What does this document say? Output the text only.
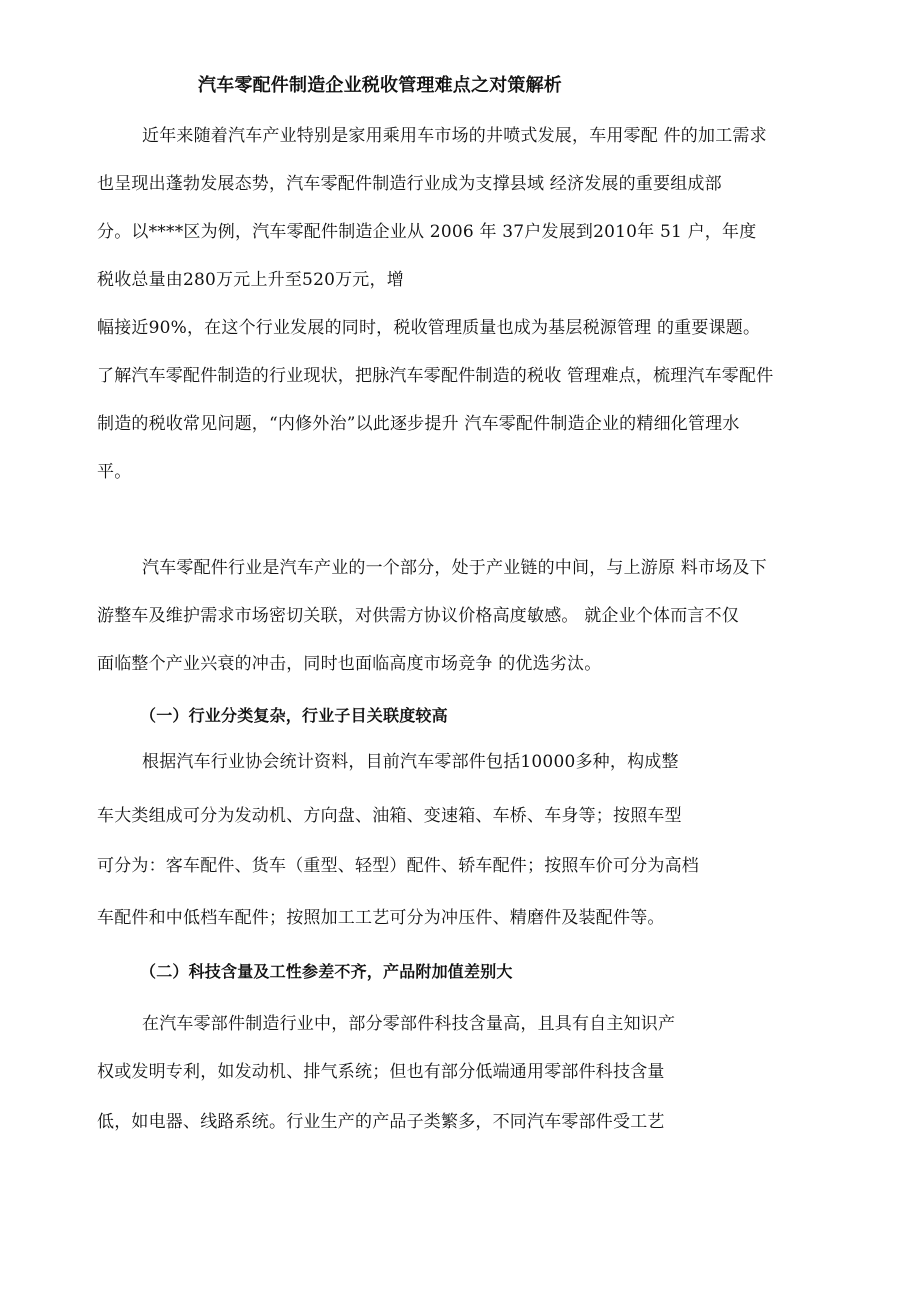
汽车零配件制造企业税收管理难点之对策解析
近年来随着汽车产业特别是家用乘用车市场的井喷式发展，车用零配 件的加工需求
也呈现出蓬勃发展态势，汽车零配件制造行业成为支撑县域 经济发展的重要组成部
分。以****区为例，汽车零配件制造企业从 2006 年 37户发展到2010年 51 户，年度
税收总量由280万元上升至520万元，增
幅接近90%，在这个行业发展的同时，税收管理质量也成为基层税源管理 的重要课题。
了解汽车零配件制造的行业现状，把脉汽车零配件制造的税收 管理难点，梳理汽车零配件
制造的税收常见问题，“内修外治”以此逐步提升 汽车零配件制造企业的精细化管理水
平。
汽车零配件行业是汽车产业的一个部分，处于产业链的中间，与上游原 料市场及下
游整车及维护需求市场密切关联，对供需方协议价格高度敏感。 就企业个体而言不仅
面临整个产业兴衰的冲击，同时也面临高度市场竞争 的优选劣汰。
（一）行业分类复杂，行业子目关联度较高
根据汽车行业协会统计资料，目前汽车零部件包括10000多种，构成整
车大类组成可分为发动机、方向盘、油箱、变速箱、车桥、车身等；按照车型
可分为：客车配件、货车（重型、轻型）配件、轿车配件；按照车价可分为高档
车配件和中低档车配件；按照加工工艺可分为冲压件、精磨件及装配件等。
（二）科技含量及工性参差不齐，产品附加值差别大
在汽车零部件制造行业中，部分零部件科技含量高，且具有自主知识产
权或发明专利，如发动机、排气系统；但也有部分低端通用零部件科技含量
低，如电器、线路系统。行业生产的产品子类繁多，不同汽车零部件受工艺
